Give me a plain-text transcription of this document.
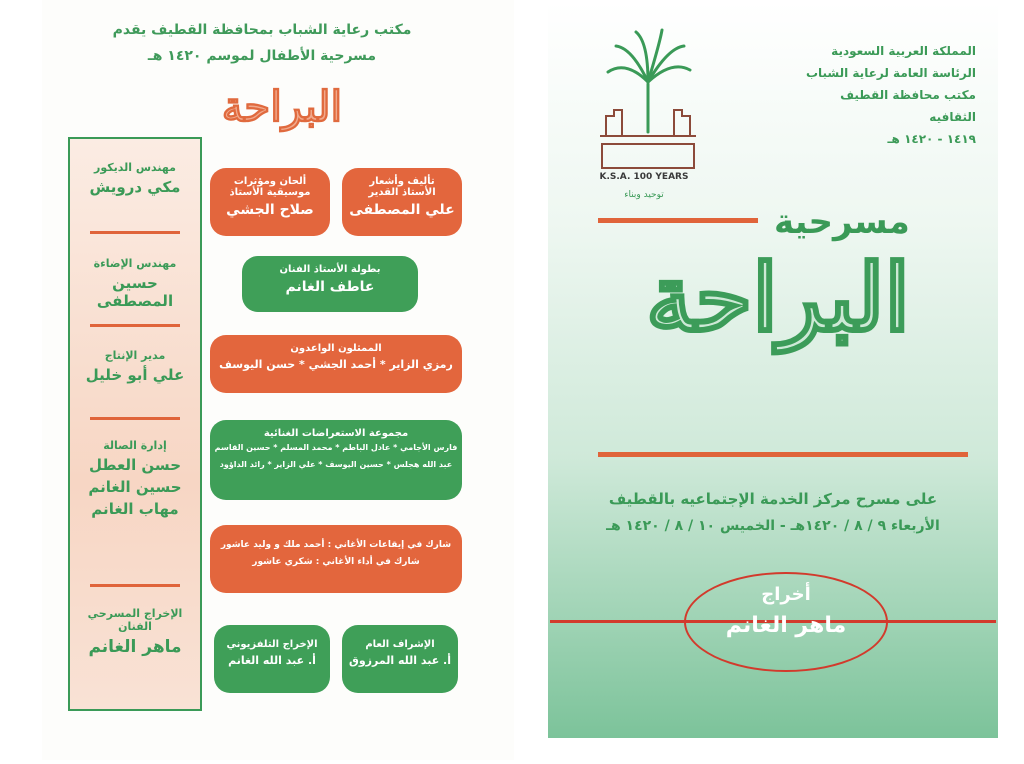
مكتب رعاية الشباب بمحافظة القطيف يقدم
مسرحية الأطفال لموسم ١٤٢٠ هـ
البراحة
مهندس الديكور
مكي درويش
مهندس الإضاءة
حسين المصطفى
مدير الإنتاج
علي أبو خليل
إدارة الصالة
حسن العطل
حسين الغانم
مهاب الغانم
الإخراج المسرحي الفنان
ماهر الغانم
ألحان ومؤثرات
موسيقية الأستاذ
صلاح الجشي
تأليف وأشعار
الأستاذ القدير
علي المصطفى
بطولة الأستاذ الفنان
عاطف الغانم
الممثلون الواعدون
رمزي الزاير * أحمد الجشي * حسن اليوسف
مجموعة الاستعراضات الغنائية
فارس الأجامي * عادل الباطم * محمد المسلم * حسين القاسم
عبد الله هجلس * حسين اليوسف * علي الزاير * رائد الداؤود
شارك في إيقاعات الأغاني : أحمد ملك و وليد عاشور
شارك في أداء الأغاني : شكري عاشور
الإخراج التلفزيوني
أ. عبد الله الغانم
الإشراف العام
أ. عبد الله المرزوق
K.S.A. 100 YEARS
توحيد وبناء
المملكة العربية السعودية
الرئاسة العامة لرعاية الشباب
مكتب محافظة القطيف
الثقافيه
١٤١٩ - ١٤٢٠ هـ
مسرحية
البراحة
على مسرح مركز الخدمة الإجتماعيه بالقطيف
الأربعاء ٩ / ٨ / ١٤٢٠هـ - الخميس ١٠ / ٨ / ١٤٢٠ هـ
أخراج
ماهر الغانم
